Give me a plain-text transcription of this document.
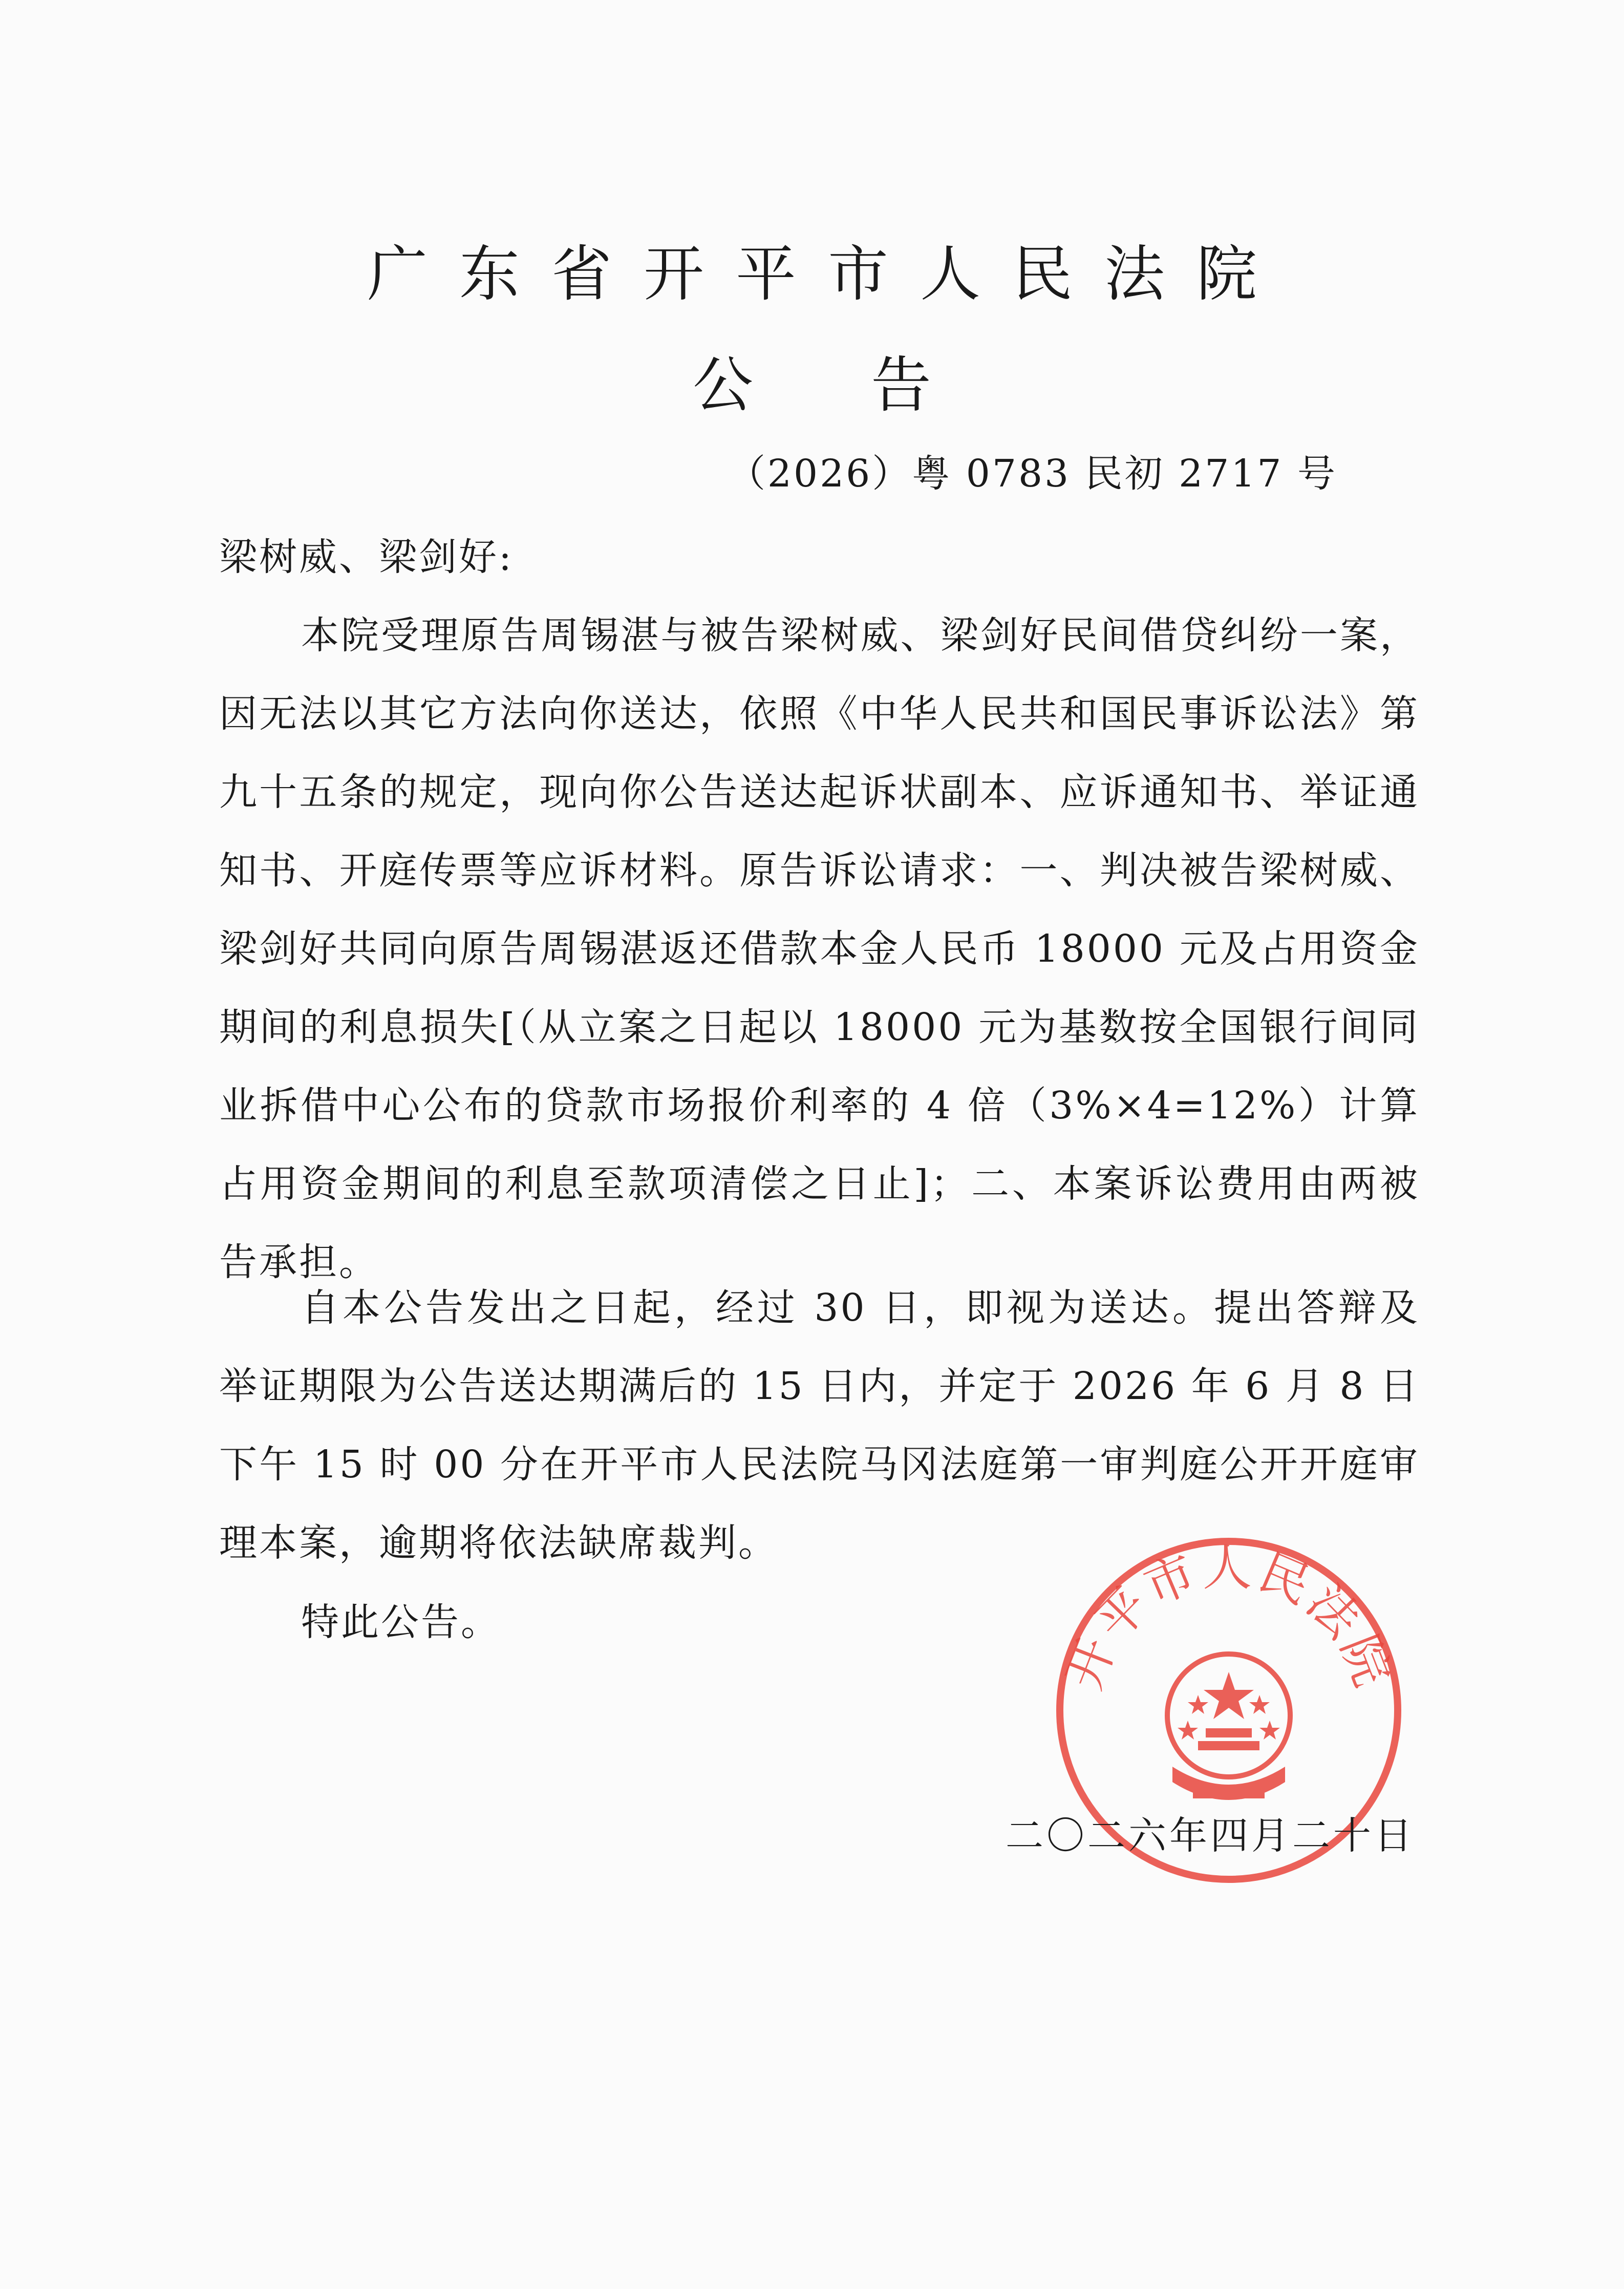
广东省开平市人民法院
公告
（2026）粤 0783 民初 2717 号
梁树威、梁剑好:
本院受理原告周锡湛与被告梁树威、梁剑好民间借贷纠纷一案，因无法以其它方法向你送达，依照《中华人民共和国民事诉讼法》第九十五条的规定，现向你公告送达起诉状副本、应诉通知书、举证通知书、开庭传票等应诉材料。原告诉讼请求：一、判决被告梁树威、梁剑好共同向原告周锡湛返还借款本金人民币 18000 元及占用资金期间的利息损失[（从立案之日起以 18000 元为基数按全国银行间同业拆借中心公布的贷款市场报价利率的 4 倍（3%×4=12%）计算占用资金期间的利息至款项清偿之日止]；二、本案诉讼费用由两被告承担。
自本公告发出之日起，经过 30 日，即视为送达。提出答辩及举证期限为公告送达期满后的 15 日内，并定于 2026 年 6 月 8 日下午 15 时 00 分在开平市人民法院马冈法庭第一审判庭公开开庭审理本案，逾期将依法缺席裁判。
特此公告。
开平市人民法院
二〇二六年四月二十日
